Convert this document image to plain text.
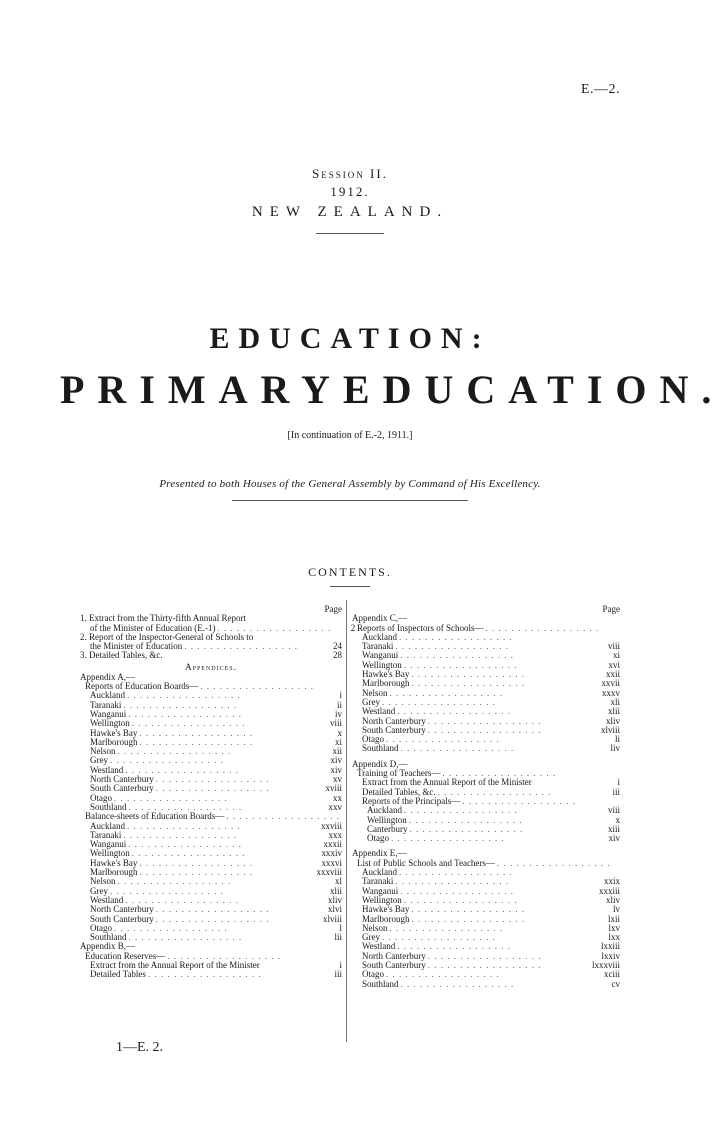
E.—2.
Session II.
1912.
NEW ZEALAND.
EDUCATION:
PRIMARY EDUCATION.
[In continuation of E.-2, 1911.]
Presented to both Houses of the General Assembly by Command of His Excellency.
CONTENTS.
Page
1. Extract from the Thirty-fifth Annual Report
of the Minister of Education (E.-1) . . . . . . . . . . . . . . . . . .	2
2. Report of the Inspector-General of Schools to
the Minister of Education . . . . . . . . . . . . . . . . . .	24
3. Detailed Tables, &c.	28
Appendices.
Appendix A,—
Reports of Education Boards— . . . . . . . . . . . . . . . . . .
Auckland . . . . . . . . . . . . . . . . . .	i
Taranaki . . . . . . . . . . . . . . . . . .	ii
Wanganui . . . . . . . . . . . . . . . . . .	iv
Wellington . . . . . . . . . . . . . . . . . .	viii
Hawke's Bay . . . . . . . . . . . . . . . . . .	x
Marlborough . . . . . . . . . . . . . . . . . .	xi
Nelson . . . . . . . . . . . . . . . . . .	xii
Grey . . . . . . . . . . . . . . . . . .	xiv
Westland . . . . . . . . . . . . . . . . . .	xiv
North Canterbury . . . . . . . . . . . . . . . . . .	xv
South Canterbury . . . . . . . . . . . . . . . . . .	xviii
Otago . . . . . . . . . . . . . . . . . .	xx
Southland . . . . . . . . . . . . . . . . . .	xxv
Balance-sheets of Education Boards— . . . . . . . . . . . . . . . . . .
Auckland . . . . . . . . . . . . . . . . . .	xxviii
Taranaki . . . . . . . . . . . . . . . . . .	xxx
Wanganui . . . . . . . . . . . . . . . . . .	xxxii
Wellington . . . . . . . . . . . . . . . . . .	xxxiv
Hawke's Bay . . . . . . . . . . . . . . . . . .	xxxvi
Marlborough . . . . . . . . . . . . . . . . . .	xxxviii
Nelson . . . . . . . . . . . . . . . . . .	xl
Grey . . . . . . . . . . . . . . . . . .	xlii
Westland . . . . . . . . . . . . . . . . . .	xliv
North Canterbury . . . . . . . . . . . . . . . . . .	xlvi
South Canterbury . . . . . . . . . . . . . . . . . .	xlviii
Otago . . . . . . . . . . . . . . . . . .	l
Southland . . . . . . . . . . . . . . . . . .	lii
Appendix B,—
Education Reserves— . . . . . . . . . . . . . . . . . .
Extract from the Annual Report of the Minister	i
Detailed Tables . . . . . . . . . . . . . . . . . .	iii
Page
Appendix C,—
Reports of Inspectors of Schools— . . . . . . . . . . . . . . . . . .
Auckland . . . . . . . . . . . . . . . . . .
Taranaki . . . . . . . . . . . . . . . . . .	viii
Wanganui . . . . . . . . . . . . . . . . . .	xi
Wellington . . . . . . . . . . . . . . . . . .	xvi
Hawke's Bay . . . . . . . . . . . . . . . . . .	xxii
Marlborough . . . . . . . . . . . . . . . . . .	xxvii
Nelson . . . . . . . . . . . . . . . . . .	xxxv
Grey . . . . . . . . . . . . . . . . . .	xli
Westland . . . . . . . . . . . . . . . . . .	xlii
North Canterbury . . . . . . . . . . . . . . . . . .	xliv
South Canterbury . . . . . . . . . . . . . . . . . .	xlviii
Otago . . . . . . . . . . . . . . . . . .	li
Southland . . . . . . . . . . . . . . . . . .	liv
Appendix D,—
Training of Teachers— . . . . . . . . . . . . . . . . . .
Extract from the Annual Report of the Minister	i
Detailed Tables, &c. . . . . . . . . . . . . . . . . . .	iii
Reports of the Principals— . . . . . . . . . . . . . . . . . .
Auckland . . . . . . . . . . . . . . . . . .	viii
Wellington . . . . . . . . . . . . . . . . . .	x
Canterbury . . . . . . . . . . . . . . . . . .	xiii
Otago . . . . . . . . . . . . . . . . . .	xiv
Appendix E,—
List of Public Schools and Teachers— . . . . . . . . . . . . . . . . . .
Auckland . . . . . . . . . . . . . . . . . .
Taranaki . . . . . . . . . . . . . . . . . .	xxix
Wanganui . . . . . . . . . . . . . . . . . .	xxxiii
Wellington . . . . . . . . . . . . . . . . . .	xliv
Hawke's Bay . . . . . . . . . . . . . . . . . .	lv
Marlborough . . . . . . . . . . . . . . . . . .	lxii
Nelson . . . . . . . . . . . . . . . . . .	lxv
Grey . . . . . . . . . . . . . . . . . .	lxx
Westland . . . . . . . . . . . . . . . . . .	lxxiii
North Canterbury . . . . . . . . . . . . . . . . . .	lxxiv
South Canterbury . . . . . . . . . . . . . . . . . .	lxxxviii
Otago . . . . . . . . . . . . . . . . . .	xciii
Southland . . . . . . . . . . . . . . . . . .	cv
1—E. 2.
